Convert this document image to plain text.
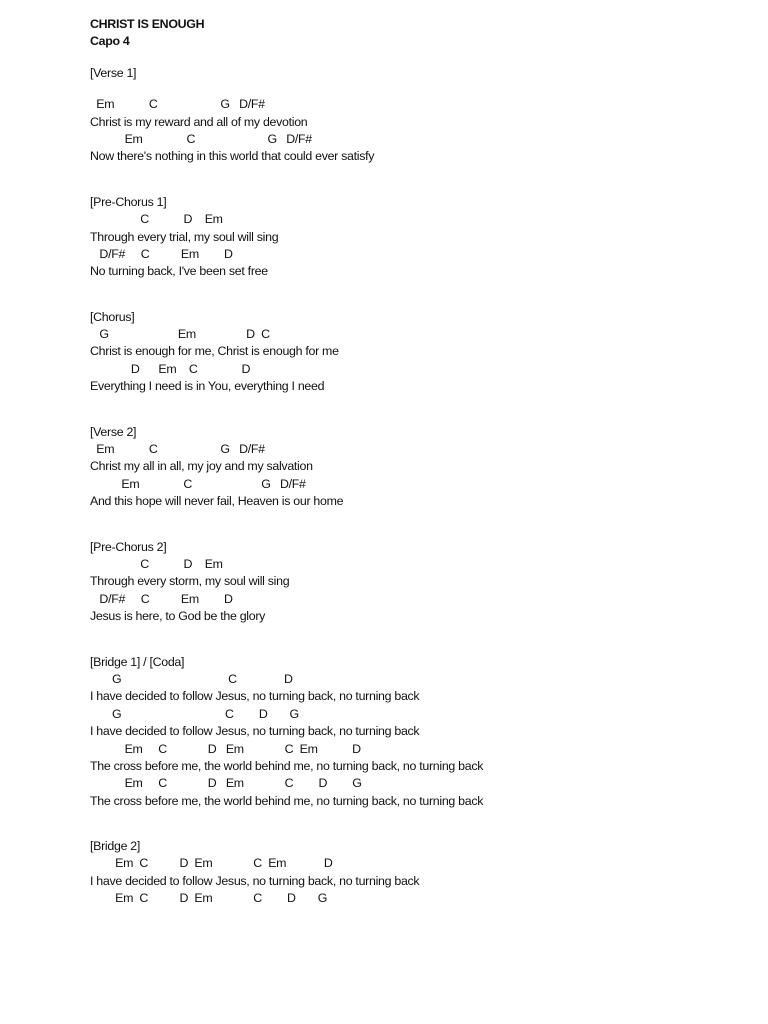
CHRIST IS ENOUGH
Capo 4
[Verse 1]
Em           C                    G   D/F#
Christ is my reward and all of my devotion
Em              C                       G   D/F#
Now there's nothing in this world that could ever satisfy
[Pre-Chorus 1]
C           D    Em
Through every trial, my soul will sing
D/F#     C          Em        D
No turning back, I've been set free
[Chorus]
G                      Em                D  C
Christ is enough for me, Christ is enough for me
D      Em    C              D
Everything I need is in You, everything I need
[Verse 2]
Em           C                    G   D/F#
Christ my all in all, my joy and my salvation
Em              C                      G   D/F#
And this hope will never fail, Heaven is our home
[Pre-Chorus 2]
C           D    Em
Through every storm, my soul will sing
D/F#     C          Em        D
Jesus is here, to God be the glory
[Bridge 1] / [Coda]
G                                  C               D
I have decided to follow Jesus, no turning back, no turning back
G                                 C        D       G
I have decided to follow Jesus, no turning back, no turning back
Em     C             D   Em             C  Em           D
The cross before me, the world behind me, no turning back, no turning back
Em     C             D   Em             C        D        G
The cross before me, the world behind me, no turning back, no turning back
[Bridge 2]
Em  C          D  Em             C  Em            D
I have decided to follow Jesus, no turning back, no turning back
Em  C          D  Em             C        D       G
